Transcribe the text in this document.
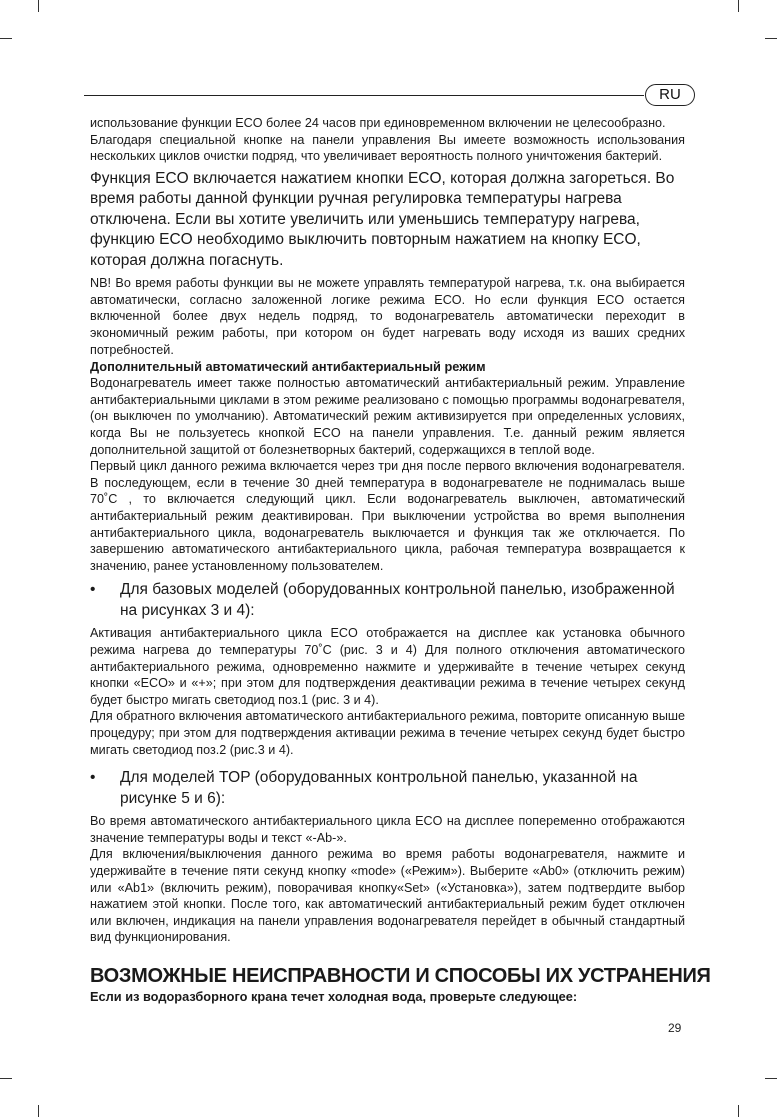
RU

использование функции ECO более 24 часов при единовременном включении не целесообразно.

Благодаря специальной кнопке на панели управления Вы имеете возможность использования нескольких циклов очистки подряд, что увеличивает вероятность полного уничтожения бактерий.

Функция ECO включается нажатием кнопки ECO, которая должна загореться. Во время работы данной функции ручная регулировка температуры нагрева отключена. Если вы хотите увеличить или уменьшись температуру нагрева, функцию ECO необходимо выключить повторным нажатием на кнопку ECO, которая должна погаснуть.

NB! Во время работы функции вы не можете управлять температурой нагрева, т.к. она выбирается автоматически, согласно заложенной логике режима ECO. Но если функция ECO остается включенной более двух недель подряд, то водонагреватель автоматически переходит в экономичный режим работы, при котором он будет нагревать воду исходя из ваших средних потребностей.

Дополнительный автоматический антибактериальный режим

Водонагреватель имеет также полностью автоматический антибактериальный режим. Управление антибактериальными циклами в этом режиме реализовано с помощью программы водонагревателя, (он выключен по умолчанию). Автоматический режим активизируется при определенных условиях, когда Вы не пользуетесь кнопкой ECO на панели управления. Т.е. данный режим является дополнительной защитой от болезнетворных бактерий, содержащихся в теплой воде.

Первый цикл данного режима включается через три дня после первого включения водонагревателя. В последующем, если в течение 30 дней температура в водонагревателе не поднималась выше 70˚C , то включается следующий цикл. Если водонагреватель выключен, автоматический антибактериальный режим деактивирован. При выключении устройства во время выполнения антибактериального цикла, водонагреватель выключается и функция так же отключается. По завершению автоматического антибактериального цикла, рабочая температура возвращается к значению, ранее установленному пользователем.

• Для базовых моделей (оборудованных контрольной панелью, изображенной на рисунках 3 и 4):

Активация антибактериального цикла ECO отображается на дисплее как установка обычного режима нагрева до температуры 70˚C (рис. 3 и 4) Для полного отключения автоматического антибактериального режима, одновременно нажмите и удерживайте в течение четырех секунд кнопки «ECO» и «+»; при этом для подтверждения деактивации режима в течение четырех секунд будет быстро мигать светодиод поз.1 (рис. 3 и 4).

Для обратного включения автоматического антибактериального режима, повторите описанную выше процедуру; при этом для подтверждения активации режима в течение четырех секунд будет быстро мигать светодиод поз.2 (рис.3 и 4).

• Для моделей TOP (оборудованных контрольной панелью, указанной на рисунке 5 и 6):

Во время автоматического антибактериального цикла ECO на дисплее попеременно отображаются значение температуры воды и текст «-Ab-».

Для включения/выключения данного режима во время работы водонагревателя, нажмите и удерживайте в течение пяти секунд кнопку «mode» («Режим»). Выберите «Ab0» (отключить режим) или «Ab1» (включить режим), поворачивая кнопку«Set» («Установка»), затем подтвердите выбор нажатием этой кнопки. После того, как автоматический антибактериальный режим будет отключен или включен, индикация на панели управления водонагревателя перейдет в обычный стандартный вид функционирования.

ВОЗМОЖНЫЕ НЕИСПРАВНОСТИ И СПОСОБЫ ИХ УСТРАНЕНИЯ

Если из водоразборного крана течет холодная вода, проверьте следующее:

29
